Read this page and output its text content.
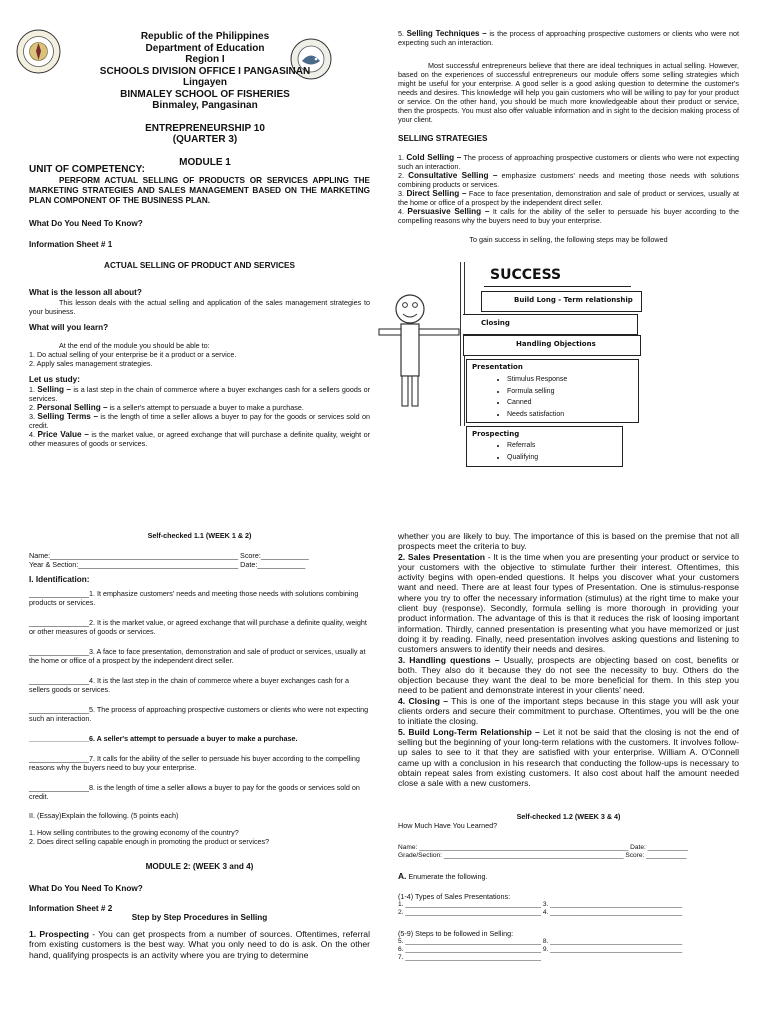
Republic of the Philippines

Department of Education

Region I

SCHOOLS DIVISION OFFICE I PANGASINAN

Lingayen

BINMALEY SCHOOL OF FISHERIES

Binmaley, Pangasinan

ENTREPRENEURSHIP 10

(QUARTER 3)

MODULE 1

UNIT OF COMPETENCY:

PERFORM ACTUAL SELLING OF PRODUCTS OR SERVICES APPLING THE MARKETING STRATEGIES AND SALES MANAGEMENT BASED ON THE MARKETING PLAN COMPONENT OF THE BUSINESS PLAN.

What Do You Need To Know?

Information Sheet # 1

ACTUAL SELLING OF PRODUCT AND SERVICES

What is the lesson all about?

This lesson deals with the actual selling and application of the sales management strategies to your business.

What will you learn?

At the end of the module you should be able to:

1. Do actual selling of your enterprise be it a product or a service.

2. Apply sales management strategies.

Let us study:

1. Selling – is a last step in the chain of commerce where a buyer exchanges cash for a sellers goods or services.

2. Personal Selling – is a seller's attempt to persuade a buyer to make a purchase.

3. Selling Terms – is the length of time a seller allows a buyer to pay for the goods or services sold on credit.

4. Price Value – is the market value, or agreed exchange that will purchase a definite quality, weight or other measures of goods or services.

5. Selling Techniques – is the process of approaching prospective customers or clients who were not expecting such an interaction.

Most successful entrepreneurs believe that there are ideal techniques in actual selling. However, based on the experiences of successful entrepreneurs our module offers some selling strategies which might be useful for your enterprise. A good seller is a good asking question to determine the customer's needs and desires. This knowledge will help you gain customers who will be willing to pay for your product or service. On the other hand, you should be much more knowledgeable about their product or service, then the prospects. You must also offer valuable information and in sight to the decision making process of your client.

SELLING STRATEGIES

1. Cold Selling – The process of approaching prospective customers or clients who were not expecting such an interaction.

2. Consultative Selling – emphasize customers' needs and meeting those needs with solutions combining products or services.

3. Direct Selling – Face to face presentation, demonstration and sale of product or services, usually at the home or office of a prospect by the independent direct seller.

4. Persuasive Selling – It calls for the ability of the seller to persuade his buyer according to the compelling reasons why the buyers need to buy your enterprise.

To gain success in selling, the following steps may be followed

SUCCESS
Build Long - Term relationship
Closing
Handling Objections
Presentation
• Stimulus Response
• Formula selling
• Canned
• Needs satisfaction
Prospecting
• Referrals
• Qualifying

Self-checked 1.1 (WEEK 1 & 2)

Name:_______________________________________________ Score:____________

Year & Section:________________________________________ Date:____________

I. Identification:

_______________1. It emphasize customers' needs and meeting those needs with solutions combining products or services.

_______________2. It is the market value, or agreed exchange that will purchase a definite quality, weight or other measures of goods or services.

_______________3. A face to face presentation, demonstration and sale of product or services, usually at the home or office of a prospect by the independent direct seller.

_______________4. It is the last step in the chain of commerce where a buyer exchanges cash for a sellers goods or services.

_______________5. The process of approaching prospective customers or clients who were not expecting such an interaction.

_______________6. A seller's attempt to persuade a buyer to make a purchase.

_______________7. It calls for the ability of the seller to persuade his buyer according to the compelling reasons why the buyers need to buy your enterprise.

_______________8. is the length of time a seller allows a buyer to pay for the goods or services sold on credit.

II. (Essay)Explain the following. (5 points each)

1. How selling contributes to the growing economy of the country?

2. Does direct selling capable enough in promoting the product or services?

MODULE 2: (WEEK 3 and 4)

What Do You Need To Know?

Information Sheet # 2

Step by Step Procedures in Selling

1. Prospecting - You can get prospects from a number of sources. Oftentimes, referral from existing customers is the best way. What you only need to do is ask. On the other hand, qualifying prospects is an activity where you are trying to determine

whether you are likely to buy. The importance of this is based on the premise that not all prospects meet the criteria to buy.

2. Sales Presentation - It is the time when you are presenting your product or service to your customers with the objective to stimulate further their interest. Oftentimes, this activity begins with open-ended questions. It helps you discover what your customers want and need. There are at least four types of Presentation. One is stimulus-response where you try to offer the necessary information (stimulus) at the right time to make your client buy (response). Secondly, formula selling is more thorough in providing your product information. The advantage of this is that it reduces the risk of loosing important information. Thirdly, canned presentation is presenting what you have memorized or just doing it by reading. Finally, need presentation involves asking questions and listening to customers answers to identify their needs and desires.

3. Handling questions – Usually, prospects are objecting based on cost, benefits or both. They also do it because they do not see the necessity to buy. Others do the objection because they want the deal to be more beneficial for them. In this step you need to be patient and demonstrate interest in your clients' need.

4. Closing – This is one of the important steps because in this stage you will ask your clients orders and secure their commitment to purchase. Oftentimes, you will be the one to initiate the closing.

5. Build Long-Term Relationship – Let it not be said that the closing is not the end of selling but the beginning of your long-term relations with the customers. It involves follow-up sales to see to it that they are satisfied with your enterprise. William A. O'Connell came up with a conclusion in his research that conducting the follow-ups is necessary to obtain repeat sales from existing customers. It also cost about half the amount needed close a sale with a new customers.

Self-checked 1.2 (WEEK 3 & 4)

How Much Have You Learned?

Name: _________________________________________________________ Date: ___________

Grade/Section: _________________________________________________ Score: ___________

A. Enumerate the following.

(1-4) Types of Sales Presentations:

1. _____________________________________ 3. ____________________________________

2. _____________________________________ 4. ____________________________________

(5-9) Steps to be followed in Selling:

5. _____________________________________ 8. ____________________________________

6. _____________________________________ 9. ____________________________________

7. _____________________________________
